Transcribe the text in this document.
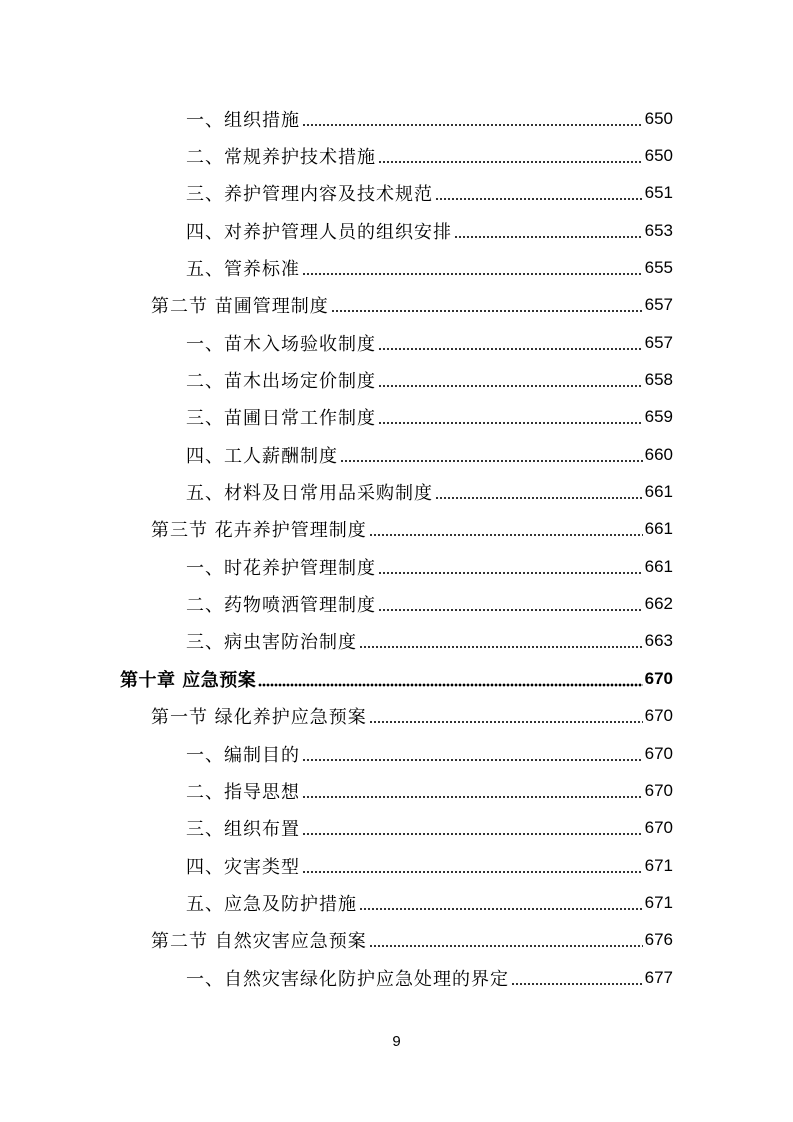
一、组织措施	650
二、常规养护技术措施	650
三、养护管理内容及技术规范	651
四、对养护管理人员的组织安排	653
五、管养标准	655
第二节 苗圃管理制度	657
一、苗木入场验收制度	657
二、苗木出场定价制度	658
三、苗圃日常工作制度	659
四、工人薪酬制度	660
五、材料及日常用品采购制度	661
第三节 花卉养护管理制度	661
一、时花养护管理制度	661
二、药物喷洒管理制度	662
三、病虫害防治制度	663
第十章 应急预案	670
第一节 绿化养护应急预案	670
一、编制目的	670
二、指导思想	670
三、组织布置	670
四、灾害类型	671
五、应急及防护措施	671
第二节 自然灾害应急预案	676
一、自然灾害绿化防护应急处理的界定	677
9
